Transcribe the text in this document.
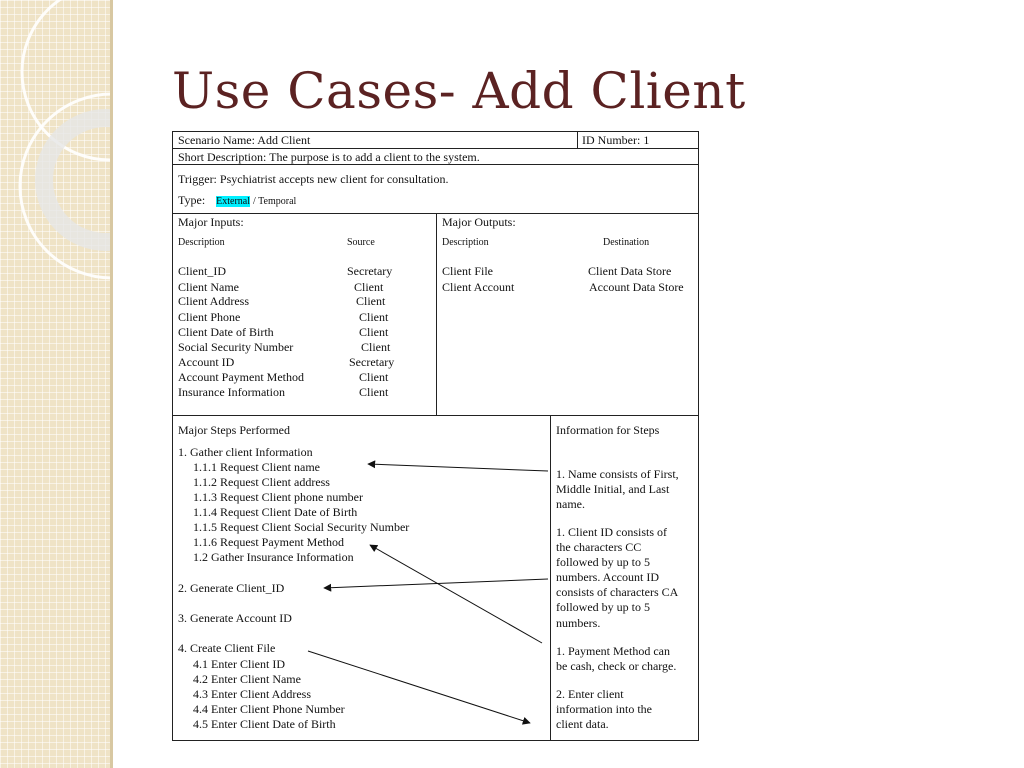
Use Cases- Add Client
Scenario Name: Add Client	ID Number: 1
Short Description: The purpose is to add a client to the system.
Trigger: Psychiatrist accepts new client for consultation.
Type: External / Temporal
Major Inputs:
Description	Source
Client_ID	Secretary
Client Name	Client
Client Address	Client
Client Phone	Client
Client Date of Birth	Client
Social Security Number	Client
Account ID	Secretary
Account Payment Method	Client
Insurance Information	Client
Major Outputs:
Description	Destination
Client File	Client Data Store
Client Account	Account Data Store
Major Steps Performed
1. Gather client Information
1.1.1 Request Client name
1.1.2 Request Client address
1.1.3 Request Client phone number
1.1.4 Request Client Date of Birth
1.1.5 Request Client Social Security Number
1.1.6 Request Payment Method
1.2 Gather Insurance Information
2. Generate Client_ID
3. Generate Account ID
4. Create Client File
4.1 Enter Client ID
4.2 Enter Client Name
4.3 Enter Client Address
4.4 Enter Client Phone Number
4.5 Enter Client Date of Birth
Information for Steps
1. Name consists of First,
Middle Initial, and Last
name.
1. Client ID consists of
the characters CC
followed by up to 5
numbers. Account ID
consists of characters CA
followed by up to 5
numbers.
1. Payment Method can
be cash, check or charge.
2. Enter client
information into the
client data.
